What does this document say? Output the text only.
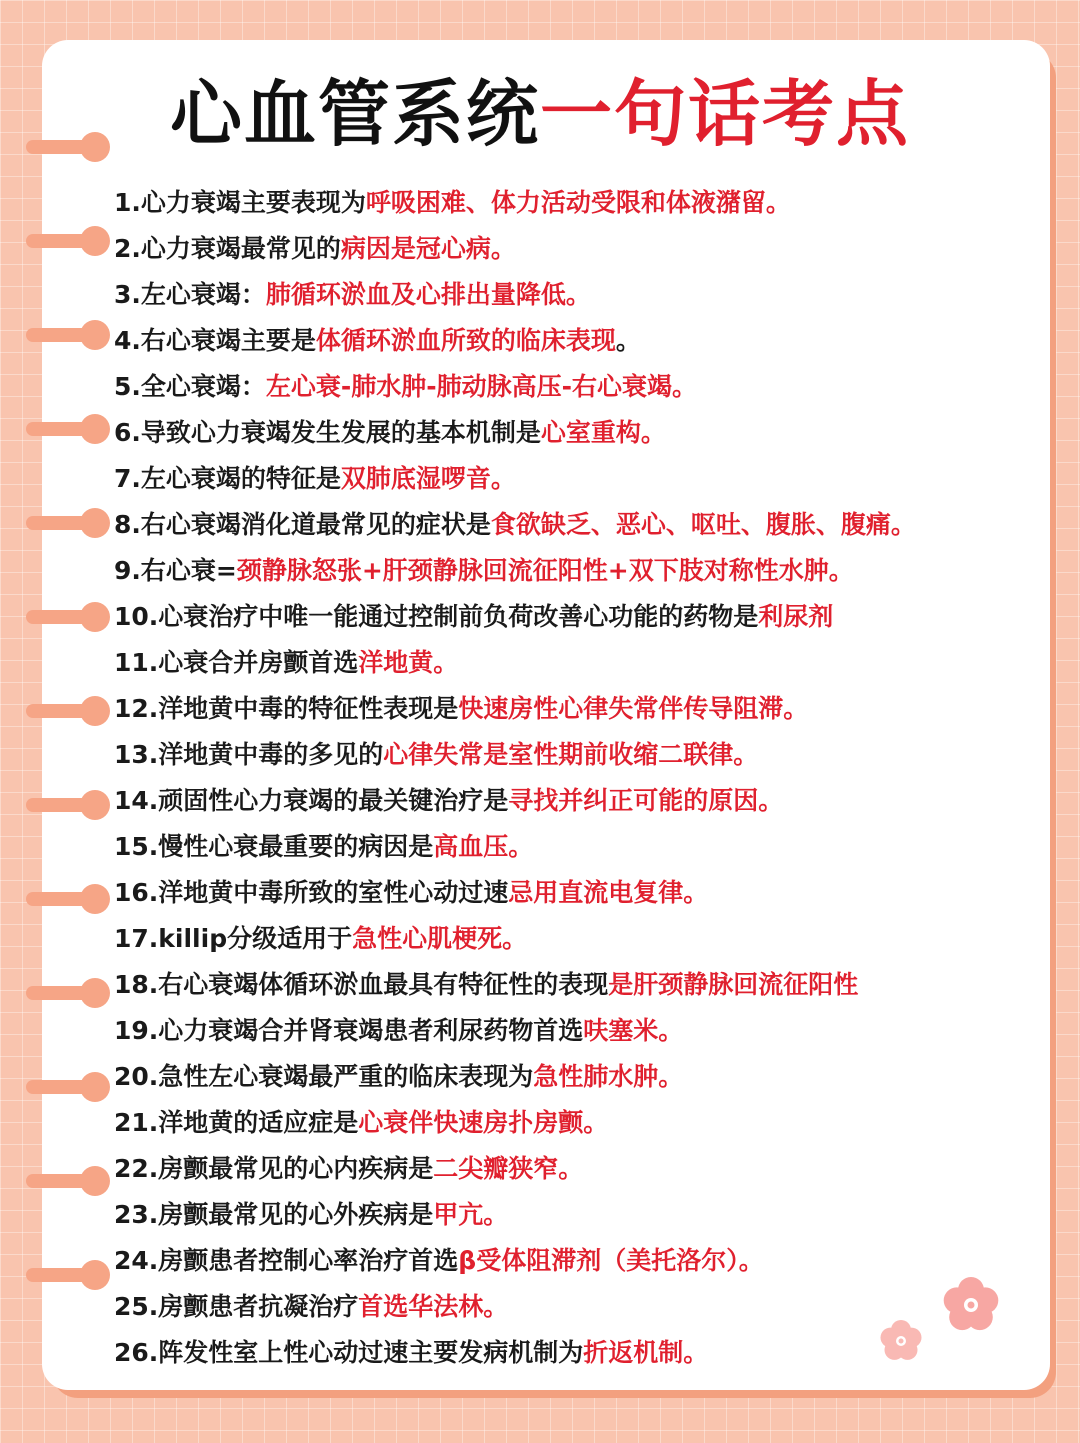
心血管系统一句话考点
1.心力衰竭主要表现为呼吸困难、体力活动受限和体液潴留。
2.心力衰竭最常见的病因是冠心病。
3.左心衰竭：肺循环淤血及心排出量降低。
4.右心衰竭主要是体循环淤血所致的临床表现。
5.全心衰竭：左心衰-肺水肿-肺动脉高压-右心衰竭。
6.导致心力衰竭发生发展的基本机制是心室重构。
7.左心衰竭的特征是双肺底湿啰音。
8.右心衰竭消化道最常见的症状是食欲缺乏、恶心、呕吐、腹胀、腹痛。
9.右心衰=颈静脉怒张+肝颈静脉回流征阳性+双下肢对称性水肿。
10.心衰治疗中唯一能通过控制前负荷改善心功能的药物是利尿剂
11.心衰合并房颤首选洋地黄。
12.洋地黄中毒的特征性表现是快速房性心律失常伴传导阻滞。
13.洋地黄中毒的多见的心律失常是室性期前收缩二联律。
14.顽固性心力衰竭的最关键治疗是寻找并纠正可能的原因。
15.慢性心衰最重要的病因是高血压。
16.洋地黄中毒所致的室性心动过速忌用直流电复律。
17.killip分级适用于急性心肌梗死。
18.右心衰竭体循环淤血最具有特征性的表现是肝颈静脉回流征阳性
19.心力衰竭合并肾衰竭患者利尿药物首选呋塞米。
20.急性左心衰竭最严重的临床表现为急性肺水肿。
21.洋地黄的适应症是心衰伴快速房扑房颤。
22.房颤最常见的心内疾病是二尖瓣狭窄。
23.房颤最常见的心外疾病是甲亢。
24.房颤患者控制心率治疗首选β受体阻滞剂（美托洛尔）。
25.房颤患者抗凝治疗首选华法林。
26.阵发性室上性心动过速主要发病机制为折返机制。
